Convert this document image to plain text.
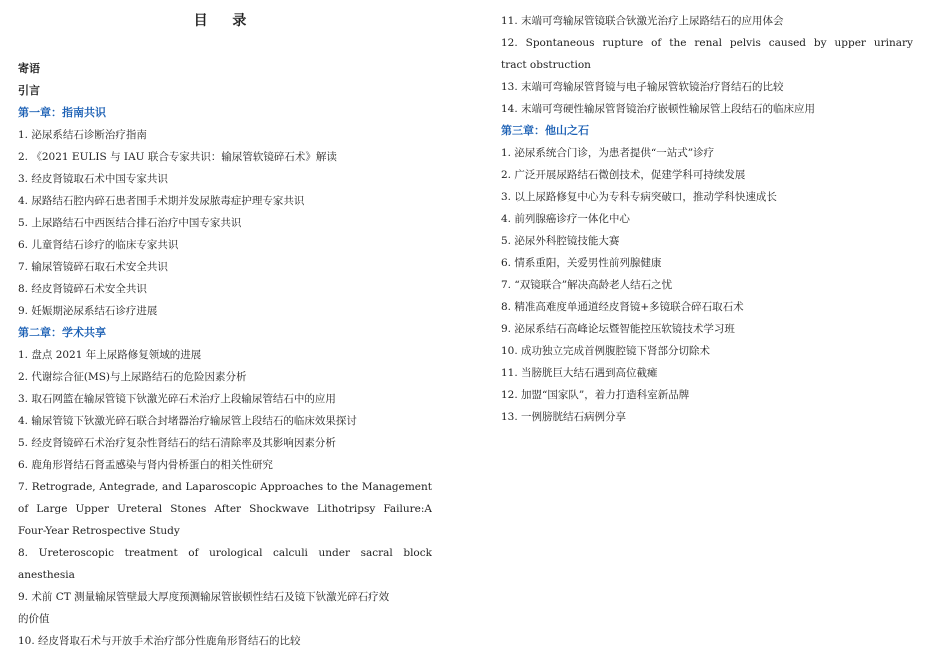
目 录
寄语
引言
第一章：指南共识
1. 泌尿系结石诊断治疗指南
2. 《2021 EULIS 与 IAU 联合专家共识：输尿管软镜碎石术》解读
3. 经皮肾镜取石术中国专家共识
4. 尿路结石腔内碎石患者围手术期并发尿脓毒症护理专家共识
5. 上尿路结石中西医结合排石治疗中国专家共识
6. 儿童肾结石诊疗的临床专家共识
7. 输尿管镜碎石取石术安全共识
8. 经皮肾镜碎石术安全共识
9. 妊娠期泌尿系结石诊疗进展
第二章：学术共享
1. 盘点 2021 年上尿路修复领域的进展
2. 代谢综合征(MS)与上尿路结石的危险因素分析
3. 取石网篮在输尿管镜下钬激光碎石术治疗上段输尿管结石中的应用
4. 输尿管镜下钬激光碎石联合封堵器治疗输尿管上段结石的临床效果探讨
5. 经皮肾镜碎石术治疗复杂性肾结石的结石清除率及其影响因素分析
6. 鹿角形肾结石肾盂感染与肾内骨桥蛋白的相关性研究
7. Retrograde, Antegrade, and Laparoscopic Approaches to the Management
of Large Upper Ureteral Stones After Shockwave Lithotripsy Failure:A
Four-Year Retrospective Study
8. Ureteroscopic treatment of urological calculi under sacral block
anesthesia
9. 术前 CT 测量输尿管壁最大厚度预测输尿管嵌顿性结石及镜下钬激光碎石疗效
的价值
10. 经皮肾取石术与开放手术治疗部分性鹿角形肾结石的比较
11. 末端可弯输尿管镜联合钬激光治疗上尿路结石的应用体会
12. Spontaneous rupture of the renal pelvis caused by upper urinary
tract obstruction
13. 末端可弯输尿管肾镜与电子输尿管软镜治疗肾结石的比较
14. 末端可弯硬性输尿管肾镜治疗嵌顿性输尿管上段结石的临床应用
第三章：他山之石
1. 泌尿系统合门诊，为患者提供“一站式”诊疗
2. 广泛开展尿路结石微创技术，促建学科可持续发展
3. 以上尿路修复中心为专科专病突破口，推动学科快速成长
4. 前列腺癌诊疗一体化中心
5. 泌尿外科腔镜技能大赛
6. 情系重阳，关爱男性前列腺健康
7. “双镜联合”解决高龄老人结石之忧
8. 精准高难度单通道经皮肾镜+多镜联合碎石取石术
9. 泌尿系结石高峰论坛暨智能控压软镜技术学习班
10. 成功独立完成首例腹腔镜下肾部分切除术
11. 当膀胱巨大结石遇到高位截瘫
12. 加盟“国家队”，着力打造科室新品牌
13. 一例膀胱结石病例分享
